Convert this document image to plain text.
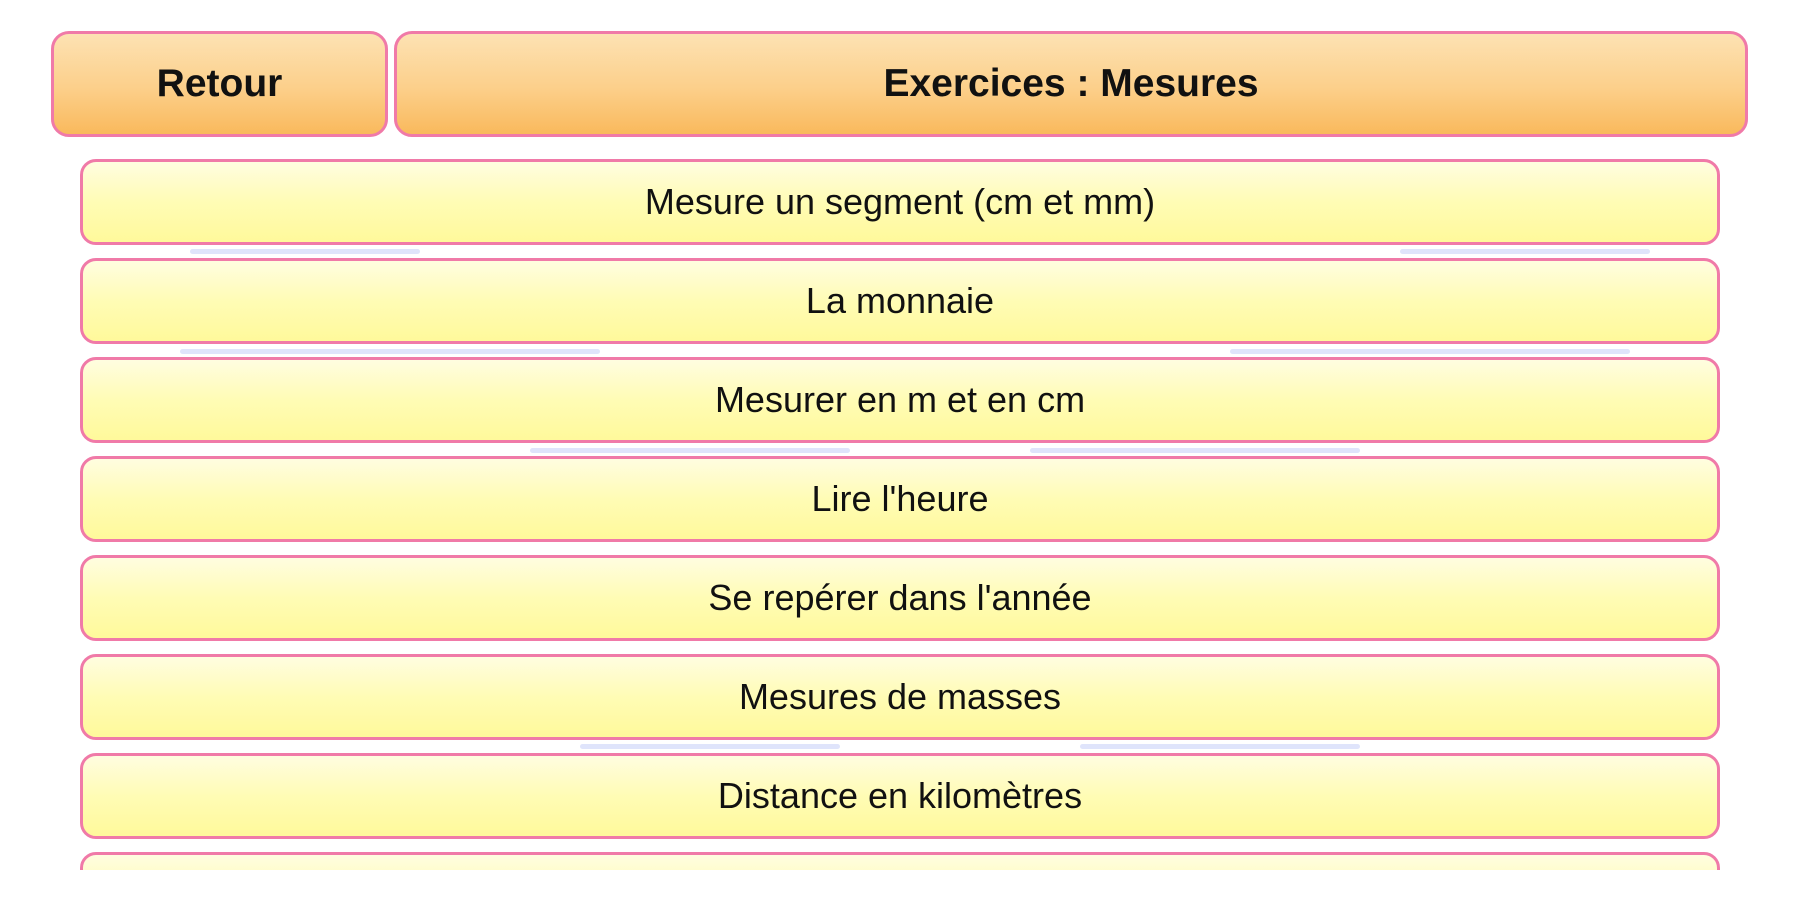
Retour	Exercices : Mesures
Mesure un segment (cm et mm)
La monnaie
Mesurer en m et en cm
Lire l'heure
Se repérer dans l'année
Mesures de masses
Distance en kilomètres
